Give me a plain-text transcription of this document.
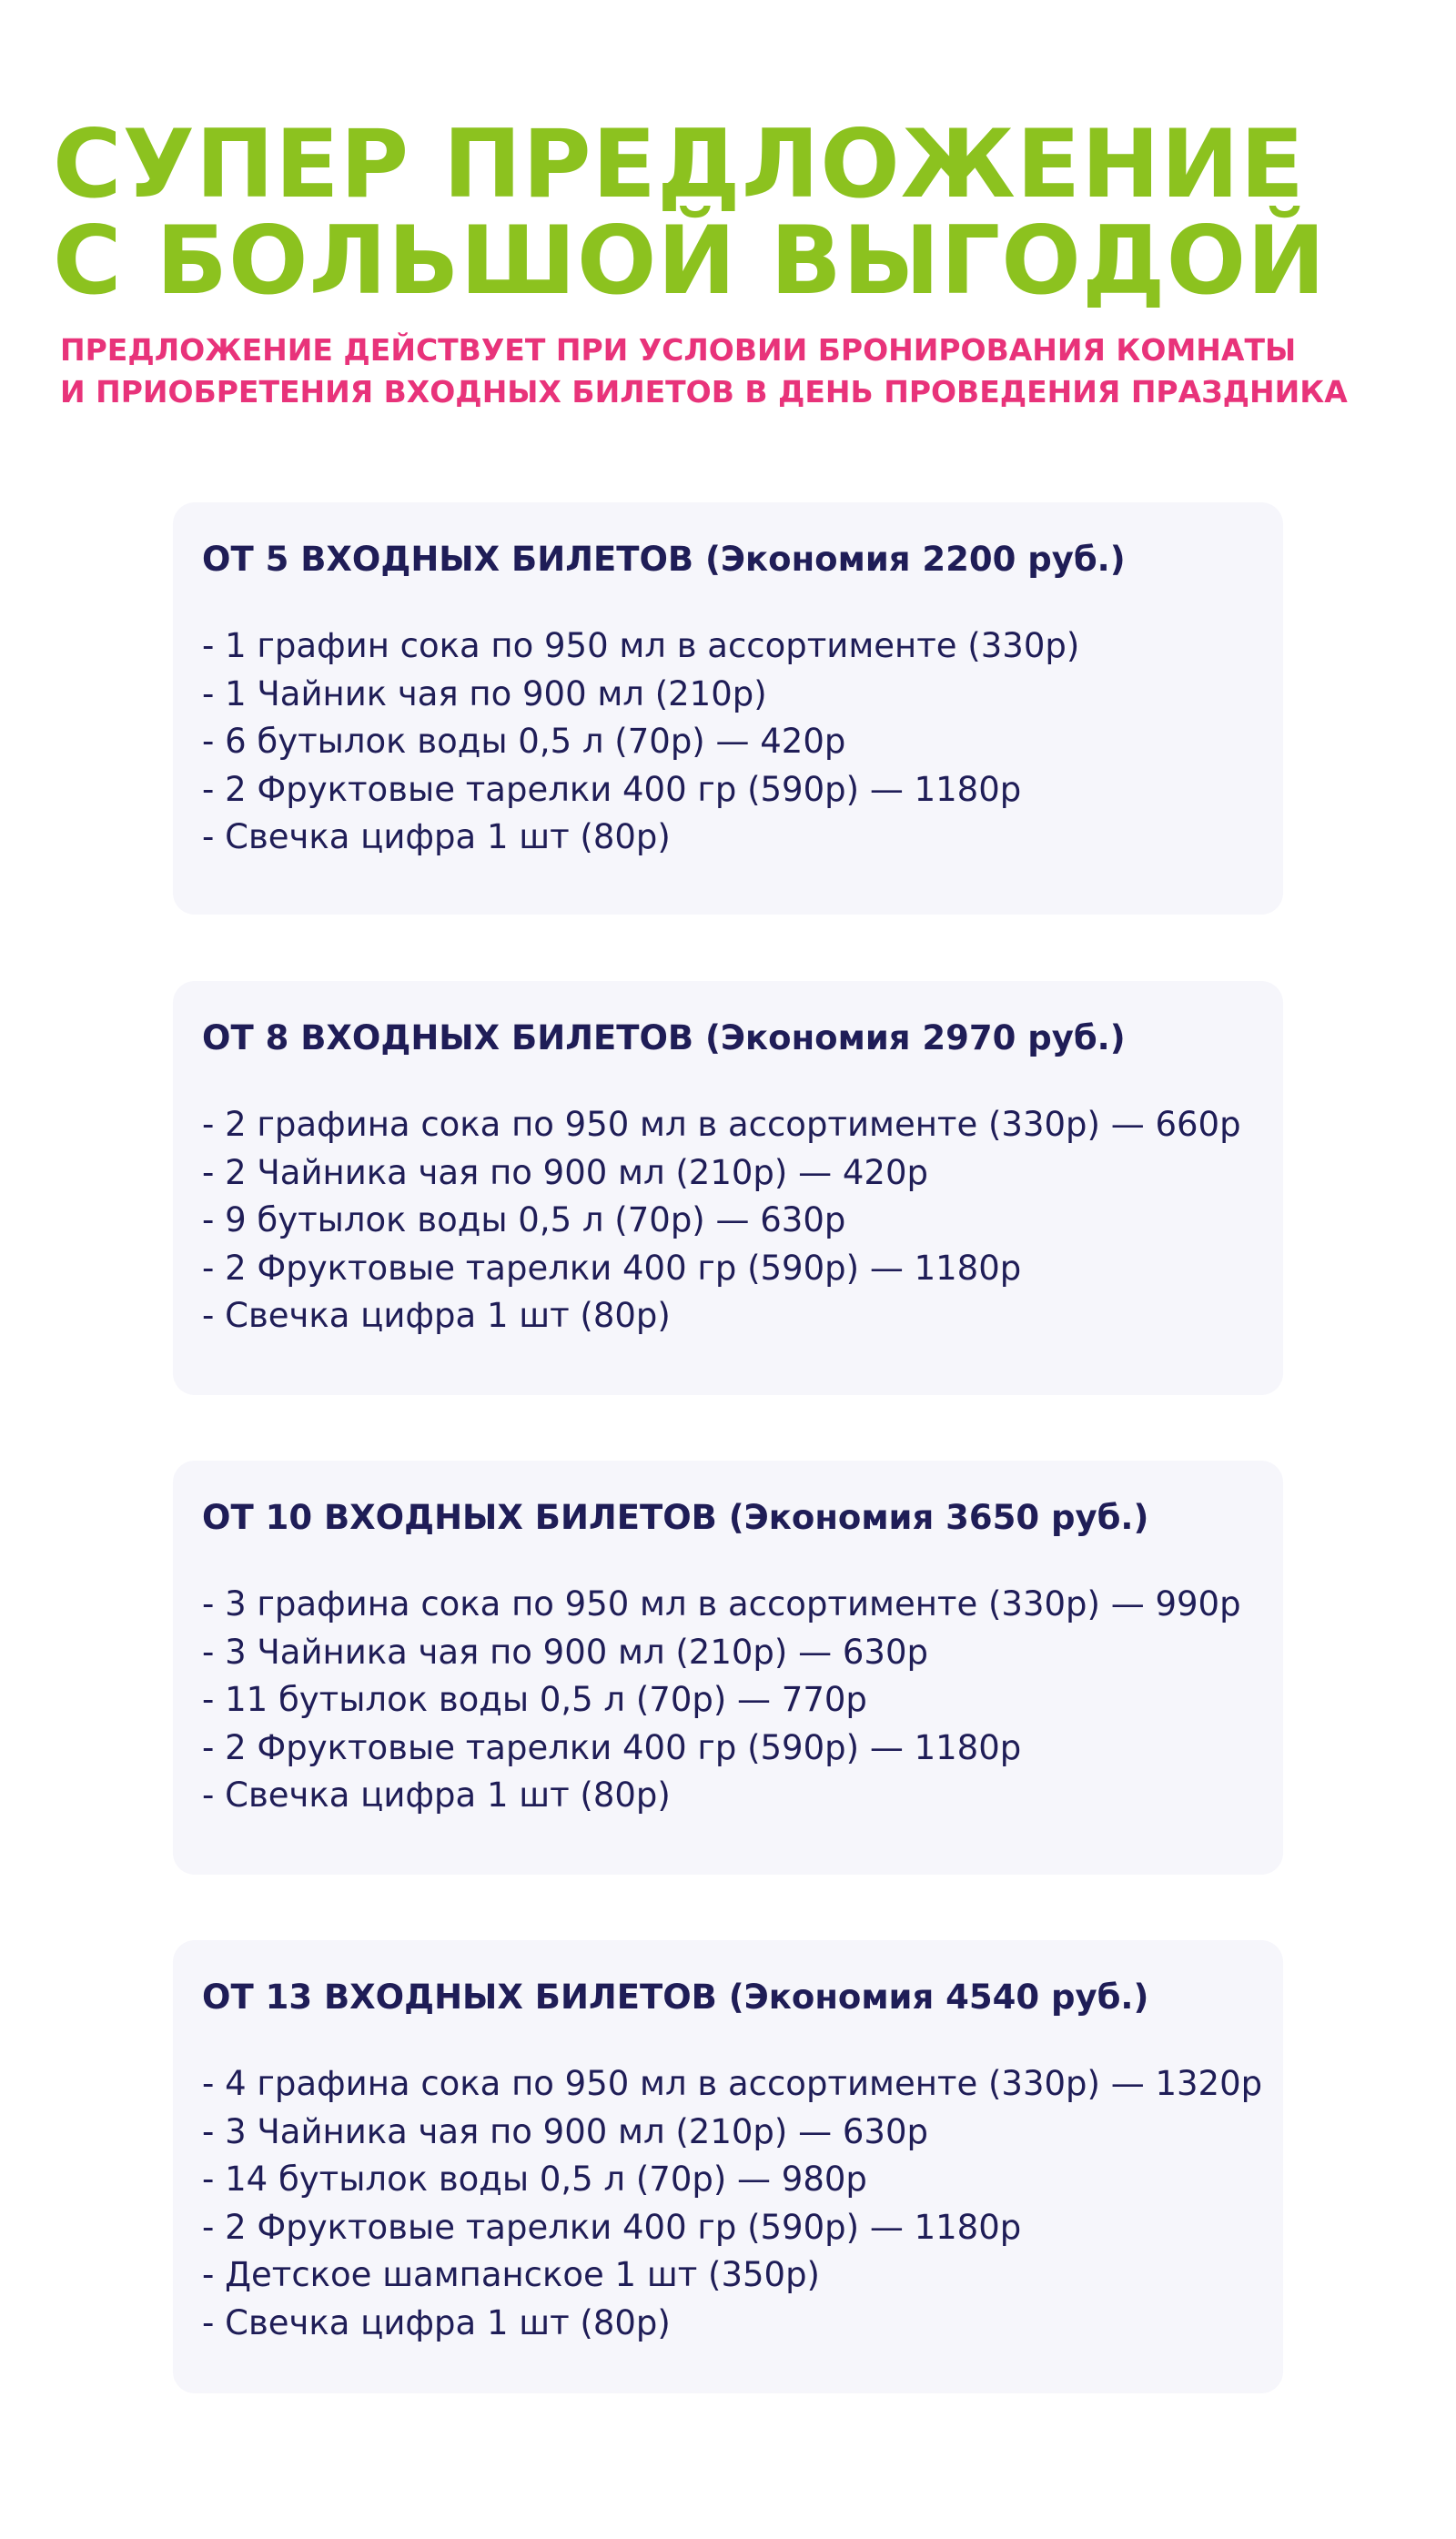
СУПЕР ПРЕДЛОЖЕНИЕ
С БОЛЬШОЙ ВЫГОДОЙ

ПРЕДЛОЖЕНИЕ ДЕЙСТВУЕТ ПРИ УСЛОВИИ БРОНИРОВАНИЯ КОМНАТЫ
И ПРИОБРЕТЕНИЯ ВХОДНЫХ БИЛЕТОВ В ДЕНЬ ПРОВЕДЕНИЯ ПРАЗДНИКА

ОТ 5 ВХОДНЫХ БИЛЕТОВ (Экономия 2200 руб.)
- 1 графин сока по 950 мл в ассортименте (330р)
- 1 Чайник чая по 900 мл (210р)
- 6 бутылок воды 0,5 л (70р) — 420р
- 2 Фруктовые тарелки 400 гр (590р) — 1180р
- Свечка цифра 1 шт (80р)
ОТ 8 ВХОДНЫХ БИЛЕТОВ (Экономия 2970 руб.)
- 2 графина сока по 950 мл в ассортименте (330р) — 660р
- 2 Чайника чая по 900 мл (210р) — 420р
- 9 бутылок воды 0,5 л (70р) — 630р
- 2 Фруктовые тарелки 400 гр (590р) — 1180р
- Свечка цифра 1 шт (80р)
ОТ 10 ВХОДНЫХ БИЛЕТОВ (Экономия 3650 руб.)
- 3 графина сока по 950 мл в ассортименте (330р) — 990р
- 3 Чайника чая по 900 мл (210р) — 630р
- 11 бутылок воды 0,5 л (70р) — 770р
- 2 Фруктовые тарелки 400 гр (590р) — 1180р
- Свечка цифра 1 шт (80р)
ОТ 13 ВХОДНЫХ БИЛЕТОВ (Экономия 4540 руб.)
- 4 графина сока по 950 мл в ассортименте (330р) — 1320р
- 3 Чайника чая по 900 мл (210р) — 630р
- 14 бутылок воды 0,5 л (70р) — 980р
- 2 Фруктовые тарелки 400 гр (590р) — 1180р
- Детское шампанское 1 шт (350р)
- Свечка цифра 1 шт (80р)
